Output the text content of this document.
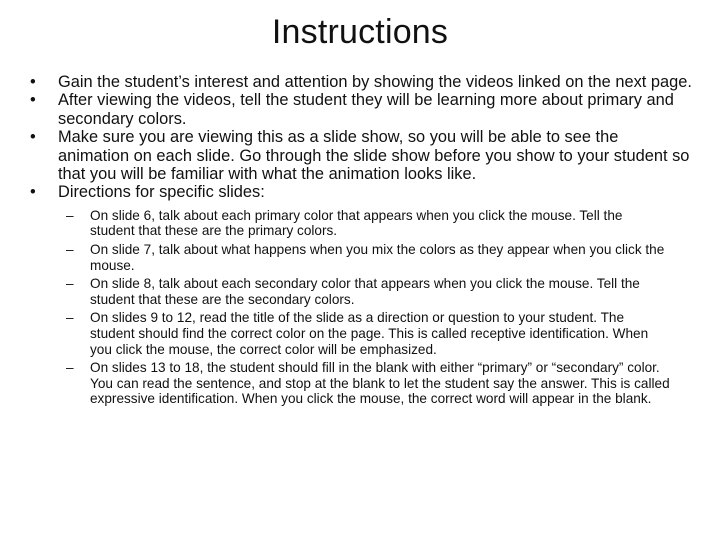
Instructions
•	Gain the student’s interest and attention by showing the videos linked on the next page.
•	After viewing the videos, tell the student they will be learning more about primary and secondary colors.
•	Make sure you are viewing this as a slide show, so you will be able to see the animation on each slide. Go through the slide show before you show to your student so that you will be familiar with what the animation looks like.
•	Directions for specific slides:
– On slide 6, talk about each primary color that appears when you click the mouse. Tell the student that these are the primary colors.
– On slide 7, talk about what happens when you mix the colors as they appear when you click the mouse.
– On slide 8, talk about each secondary color that appears when you click the mouse. Tell the student that these are the secondary colors.
– On slides 9 to 12, read the title of the slide as a direction or question to your student. The student should find the correct color on the page. This is called receptive identification. When you click the mouse, the correct color will be emphasized.
– On slides 13 to 18, the student should fill in the blank with either “primary” or “secondary” color. You can read the sentence, and stop at the blank to let the student say the answer. This is called expressive identification. When you click the mouse, the correct word will appear in the blank.
